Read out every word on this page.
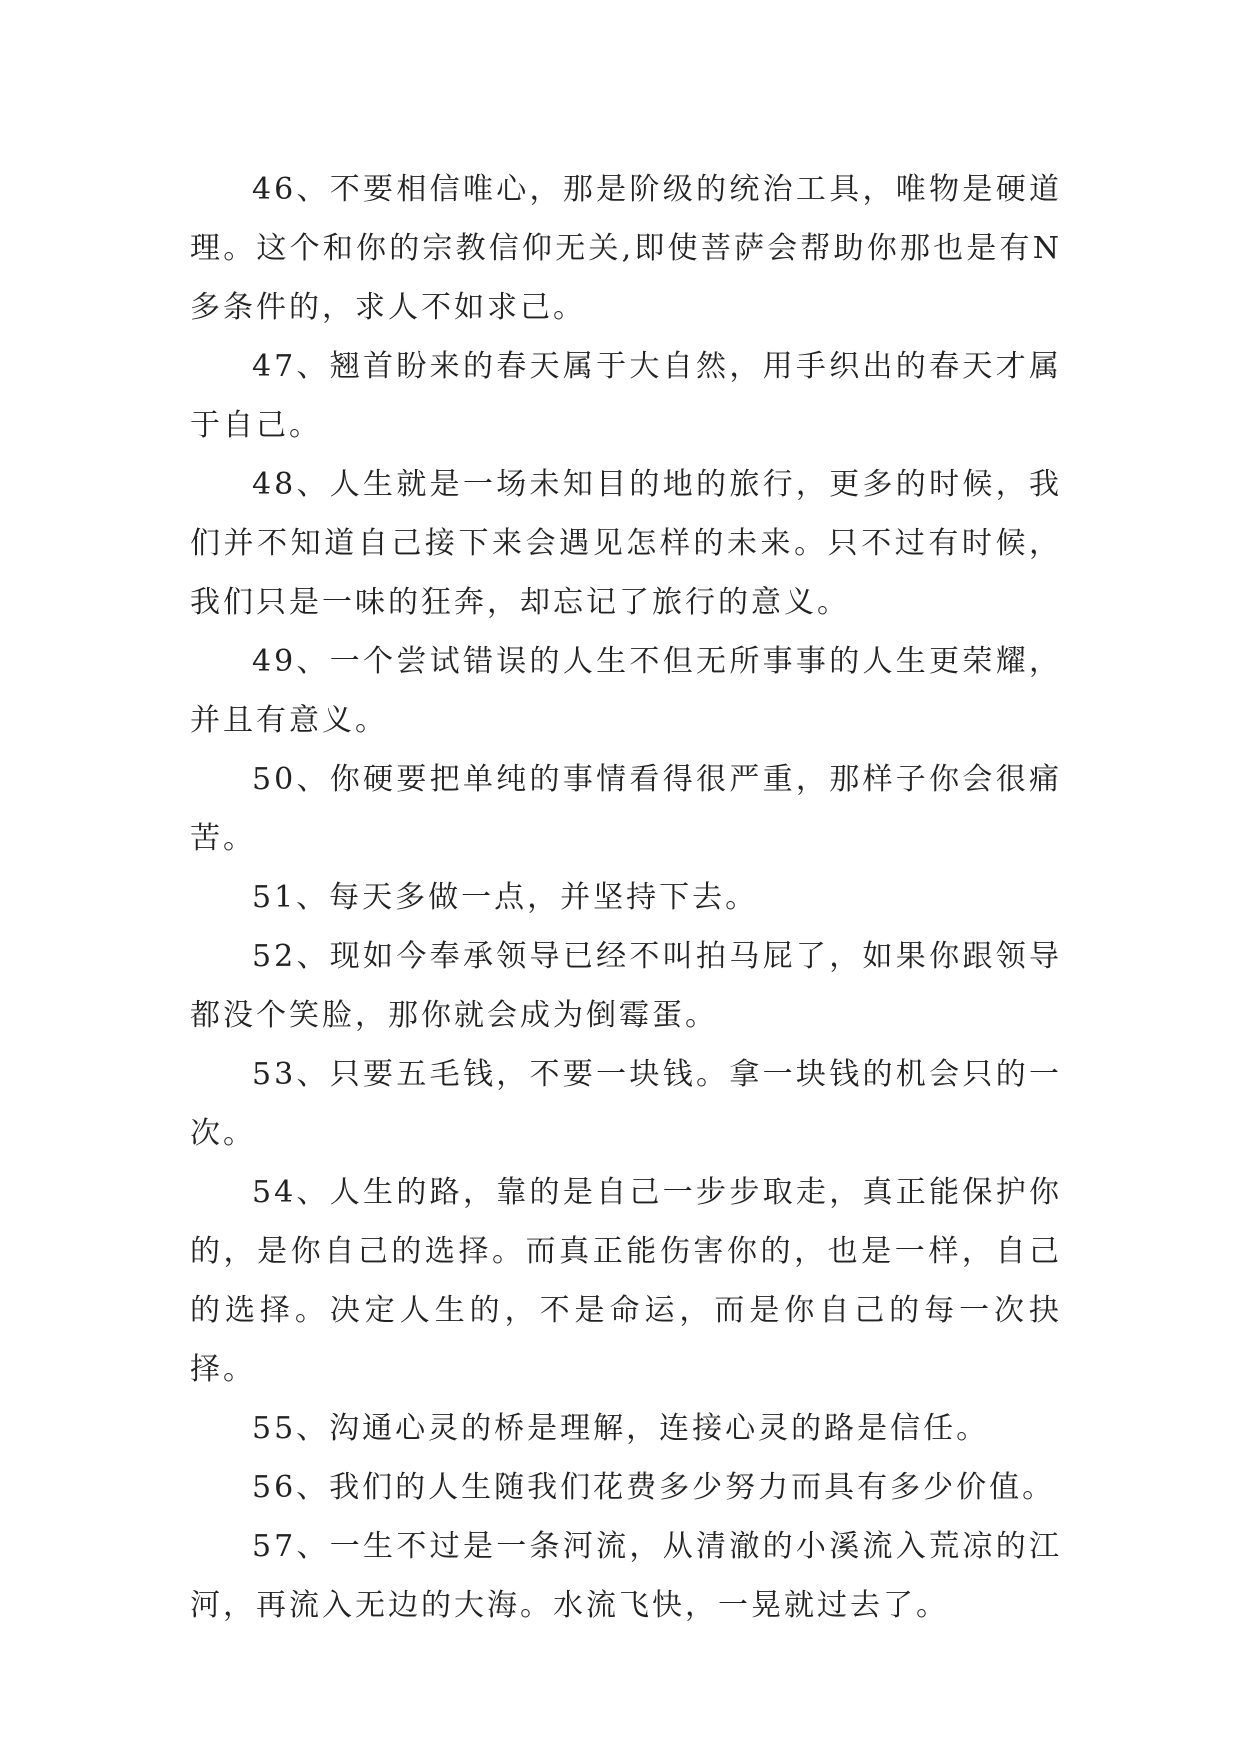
46、不要相信唯心，那是阶级的统治工具，唯物是硬道理。这个和你的宗教信仰无关,即使菩萨会帮助你那也是有N多条件的，求人不如求己。

47、翘首盼来的春天属于大自然，用手织出的春天才属于自己。

48、人生就是一场未知目的地的旅行，更多的时候，我们并不知道自己接下来会遇见怎样的未来。只不过有时候，我们只是一味的狂奔，却忘记了旅行的意义。

49、一个尝试错误的人生不但无所事事的人生更荣耀，并且有意义。

50、你硬要把单纯的事情看得很严重，那样子你会很痛苦。

51、每天多做一点，并坚持下去。

52、现如今奉承领导已经不叫拍马屁了，如果你跟领导都没个笑脸，那你就会成为倒霉蛋。

53、只要五毛钱，不要一块钱。拿一块钱的机会只的一次。

54、人生的路，靠的是自己一步步取走，真正能保护你的，是你自己的选择。而真正能伤害你的，也是一样，自己的选择。决定人生的，不是命运，而是你自己的每一次抉择。

55、沟通心灵的桥是理解，连接心灵的路是信任。

56、我们的人生随我们花费多少努力而具有多少价值。

57、一生不过是一条河流，从清澈的小溪流入荒凉的江河，再流入无边的大海。水流飞快，一晃就过去了。
